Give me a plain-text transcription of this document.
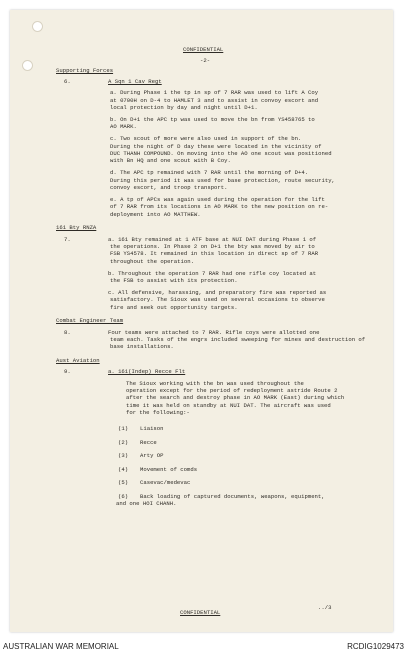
CONFIDENTIAL
-2-
Supporting Forces
6.	A Sqn 1 Cav Regt
a. During Phase 1 the tp in sp of 7 RAR was used to lift A Coy
at 0700H on D-4 to HAMLET 3 and to assist in convoy escort and
local protection by day and night until D+1.
b. On D+1 the APC tp was used to move the bn from YS458765 to
AO MARK.
c. Two scout of more were also used in support of the bn.
During the night of D day these were located in the vicinity of
DUC THANH COMPOUND. On moving into the AO one scout was positioned
with Bn HQ and one scout with B Coy.
d. The APC tp remained with 7 RAR until the morning of D+4.
During this period it was used for base protection, route security,
convoy escort, and troop transport.
e. A tp of APCs was again used during the operation for the lift
of 7 RAR from its locations in AO MARK to the new position on re-
deployment into AO MATTHEW.
161 Bty RNZA
7.	a. 161 Bty remained at 1 ATF base at NUI DAT during Phase 1 of
the operations. In Phase 2 on D+1 the bty was moved by air to
FSB YS4578. It remained in this location in direct sp of 7 RAR
throughout the operation.
b. Throughout the operation 7 RAR had one rifle coy located at
the FSB to assist with its protection.
c. All defensive, harassing, and preparatory fire was reported as
satisfactory. The Sioux was used on several occasions to observe
fire and seek out opportunity targets.
Combat Engineer Team
8.	Four teams were attached to 7 RAR. Rifle coys were allotted one
team each. Tasks of the engrs included sweeping for mines and destruction of
base installations.
Aust Aviation
9.	a. 161(Indep) Recce Flt
The Sioux working with the bn was used throughout the
operation except for the period of redeployment astride Route 2
after the search and destroy phase in AO MARK (East) during which
time it was held on standby at NUI DAT. The aircraft was used
for the following:-
(1) Liaison
(2) Recce
(3) Arty OP
(4) Movement of comds
(5) Casevac/medevac
(6) Back loading of captured documents, weapons, equipment,
and one HOI CHANH.
CONFIDENTIAL
../3
AUSTRALIAN WAR MEMORIAL	RCDIG1029473
